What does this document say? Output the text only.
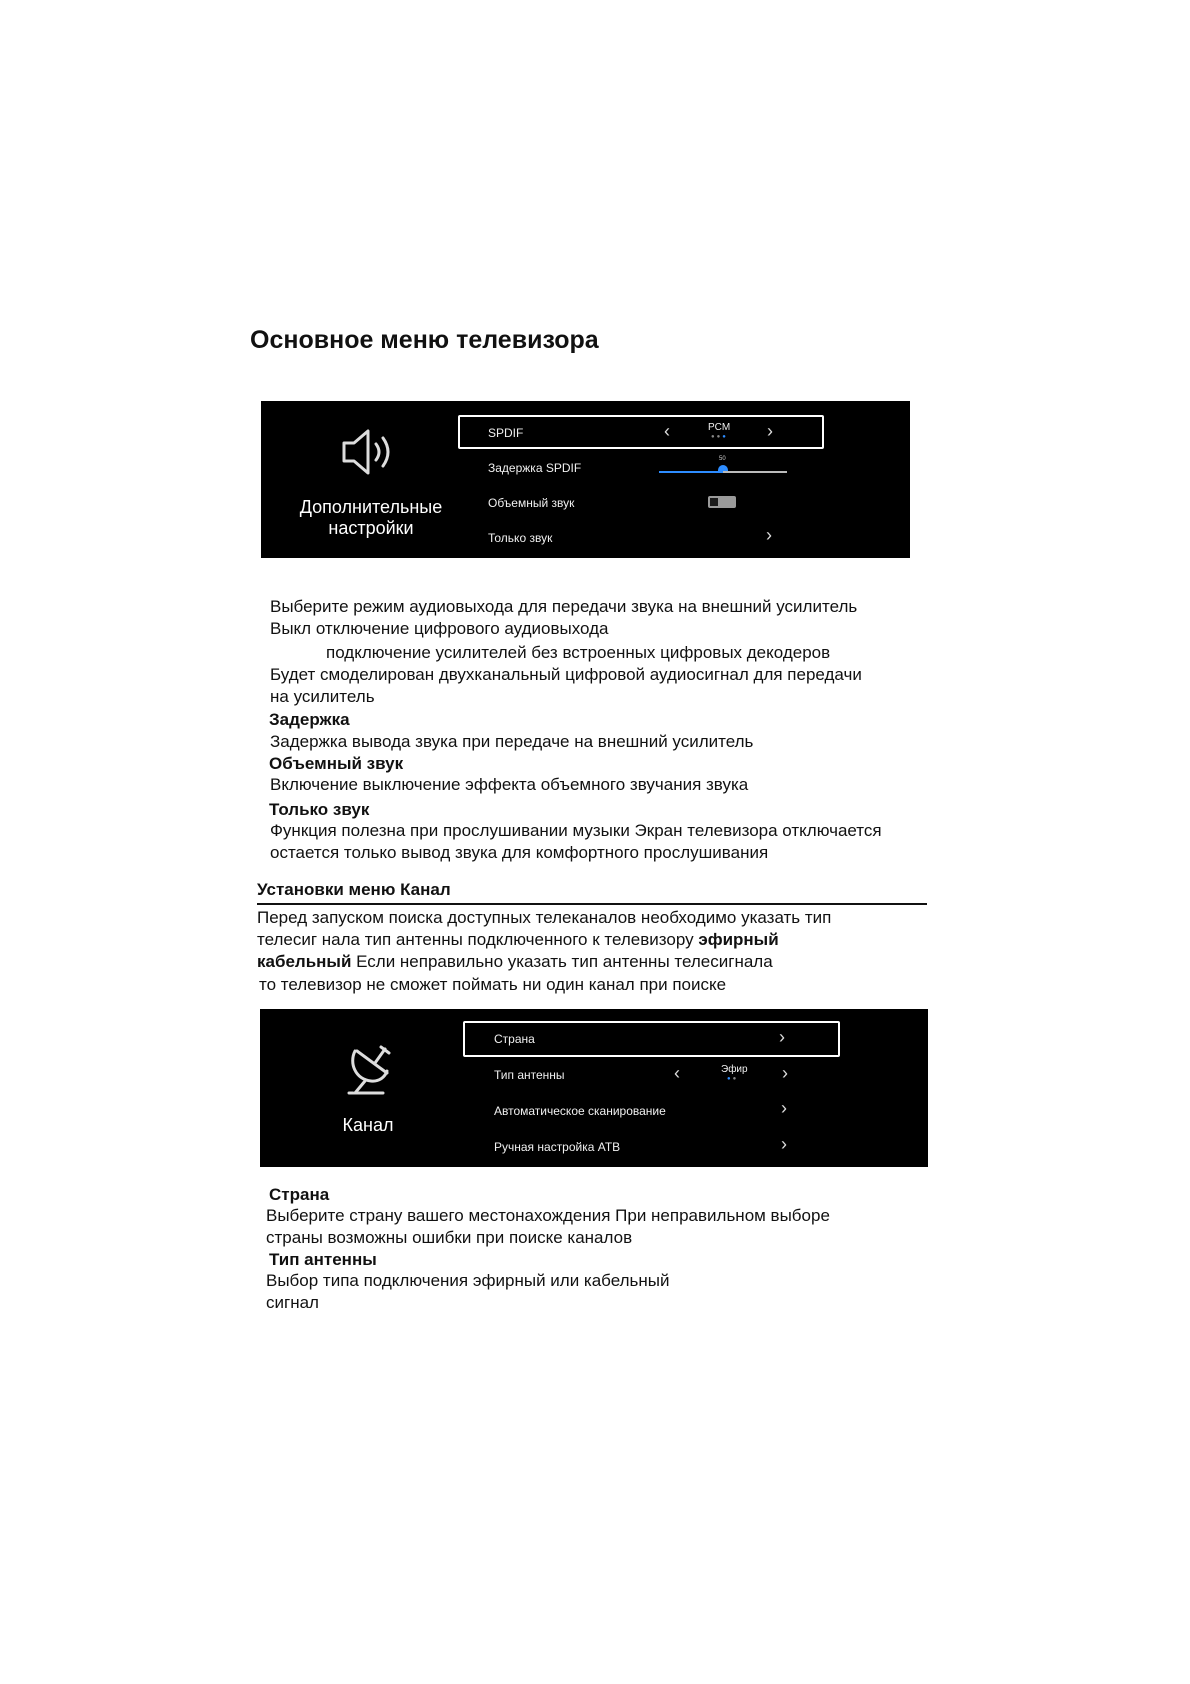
Основное меню телевизора
Дополнительные
настройки
SPDIF	‹	PCM
●●● ›
Задержка SPDIF
50
Объемный звук
Только звук	›
Выберите режим аудиовыхода для передачи звука на внешний усилитель
Выкл отключение цифрового аудиовыхода
подключение усилителей без встроенных цифровых декодеров
Будет смоделирован двухканальный цифровой аудиосигнал для передачи
на усилитель
Задержка
Задержка вывода звука при передаче на внешний усилитель
Объемный звук
Включение выключение эффекта объемного звучания звука
Только звук
Функция полезна при прослушивании музыки Экран телевизора отключается
остается только вывод звука для комфортного прослушивания
Установки меню Канал
Перед запуском поиска доступных телеканалов необходимо указать тип
телесиг нала тип антенны подключенного к телевизору эфирный
кабельный Если неправильно указать тип антенны телесигнала
то телевизор не сможет поймать ни один канал при поиске
Канал
Страна	›
Тип антенны	‹	Эфир
●● ›
Автоматическое сканирование	›
Ручная настройка АТВ	›
Страна
Выберите страну вашего местонахождения При неправильном выборе
страны возможны ошибки при поиске каналов
Тип антенны
Выбор типа подключения эфирный или кабельный
сигнал
